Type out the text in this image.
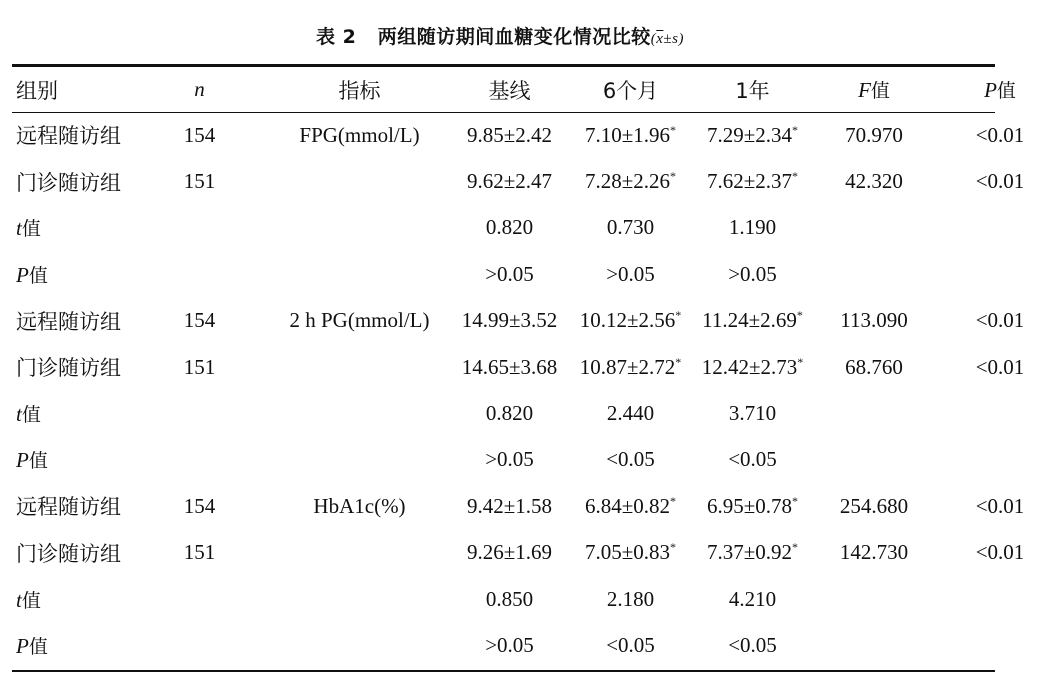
表 2 两组随访期间血糖变化情况比较$(\overline{x}\pm s)$
组别	n	指标	基线	6个月	1年	F值	P值
远程随访组	154	FPG(mmol/L)	9.85±2.42	7.10±1.96*	7.29±2.34*	70.970	<0.01
门诊随访组	151		9.62±2.47	7.28±2.26*	7.62±2.37*	42.320	<0.01
t值			0.820	0.730	1.190		
P值			>0.05	>0.05	>0.05		
远程随访组	154	2 h PG(mmol/L)	14.99±3.52	10.12±2.56*	11.24±2.69*	113.090	<0.01
门诊随访组	151		14.65±3.68	10.87±2.72*	12.42±2.73*	68.760	<0.01
t值			0.820	2.440	3.710		
P值			>0.05	<0.05	<0.05		
远程随访组	154	HbA1c(%)	9.42±1.58	6.84±0.82*	6.95±0.78*	254.680	<0.01
门诊随访组	151		9.26±1.69	7.05±0.83*	7.37±0.92*	142.730	<0.01
t值			0.850	2.180	4.210		
P值			>0.05	<0.05	<0.05		
